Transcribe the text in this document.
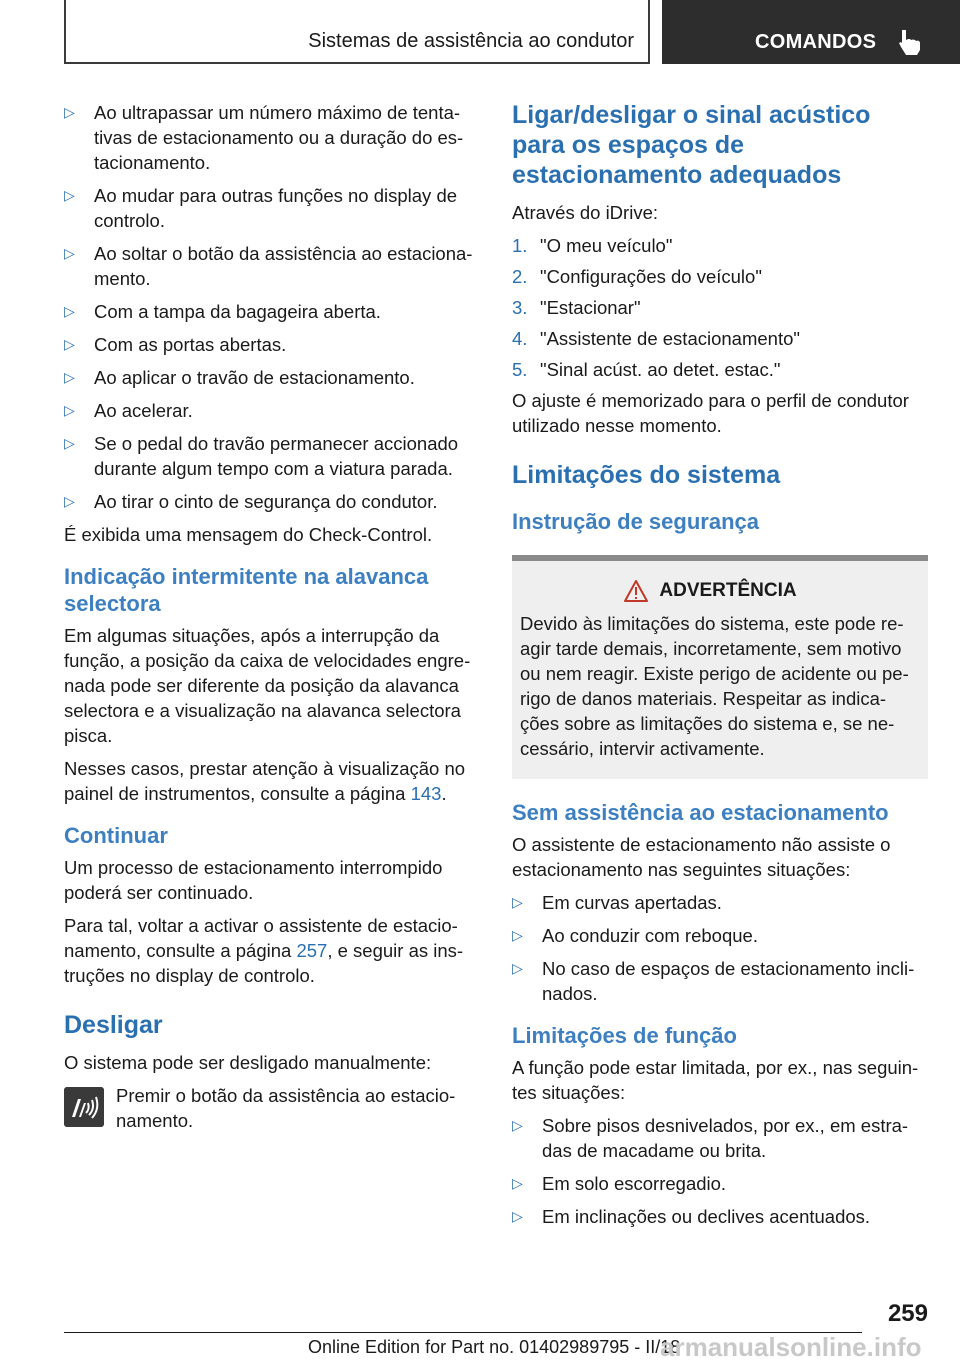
Sistemas de assistência ao condutor	COMANDOS
▷ Ao ultrapassar um número máximo de tenta-tivas de estacionamento ou a duração do es-tacionamento.
▷ Ao mudar para outras funções no display de controlo.
▷ Ao soltar o botão da assistência ao estaciona-mento.
▷ Com a tampa da bagageira aberta.
▷ Com as portas abertas.
▷ Ao aplicar o travão de estacionamento.
▷ Ao acelerar.
▷ Se o pedal do travão permanecer accionado durante algum tempo com a viatura parada.
▷ Ao tirar o cinto de segurança do condutor.

É exibida uma mensagem do Check-Control.

Indicação intermitente na alavanca selectora

Em algumas situações, após a interrupção da função, a posição da caixa de velocidades engre-nada pode ser diferente da posição da alavanca selectora e a visualização na alavanca selectora pisca.

Nesses casos, prestar atenção à visualização no painel de instrumentos, consulte a página 143.

Continuar

Um processo de estacionamento interrompido poderá ser continuado.

Para tal, voltar a activar o assistente de estacio-namento, consulte a página 257, e seguir as ins-truções no display de controlo.

Desligar

O sistema pode ser desligado manualmente:

Premir o botão da assistência ao estacio-namento.

Ligar/desligar o sinal acústico para os espaços de estacionamento adequados

Através do iDrive:

1. "O meu veículo"
2. "Configurações do veículo"
3. "Estacionar"
4. "Assistente de estacionamento"
5. "Sinal acúst. ao detet. estac."

O ajuste é memorizado para o perfil de condutor utilizado nesse momento.

Limitações do sistema
Instrução de segurança
ADVERTÊNCIA

Devido às limitações do sistema, este pode re-agir tarde demais, incorretamente, sem motivo ou nem reagir. Existe perigo de acidente ou pe-rigo de danos materiais. Respeitar as indica-ções sobre as limitações do sistema e, se ne-cessário, intervir activamente.

Sem assistência ao estacionamento

O assistente de estacionamento não assiste o estacionamento nas seguintes situações:

▷ Em curvas apertadas.
▷ Ao conduzir com reboque.
▷ No caso de espaços de estacionamento incli-nados.
Limitações de função

A função pode estar limitada, por ex., nas seguin-tes situações:

▷ Sobre pisos desnivelados, por ex., em estra-das de macadame ou brita.
▷ Em solo escorregadio.
▷ Em inclinações ou declives acentuados.
259
Online Edition for Part no. 01402989795 - II/18
armanualsonline.info
